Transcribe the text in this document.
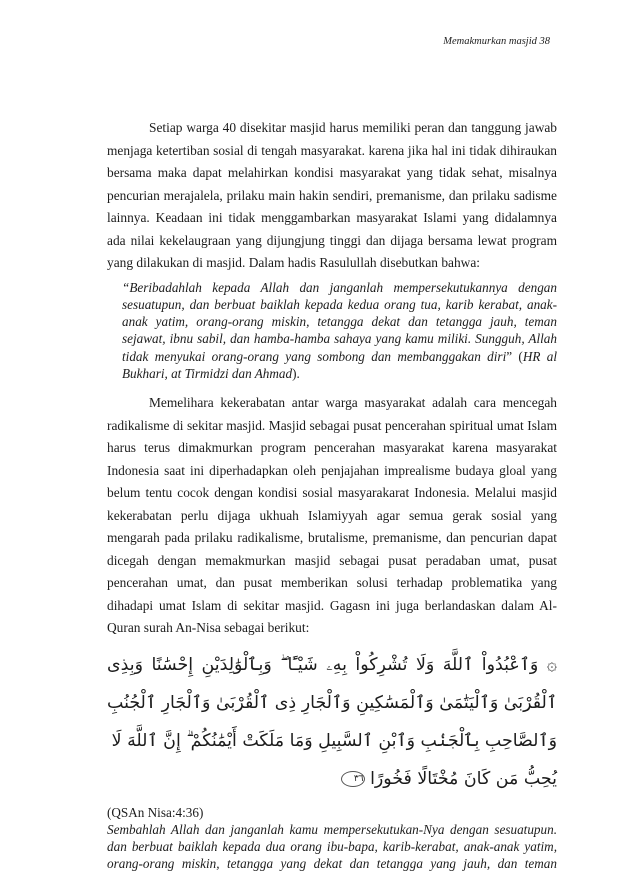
Memakmurkan masjid 38

Setiap warga 40 disekitar masjid harus memiliki peran dan tanggung jawab menjaga ketertiban sosial di tengah masyarakat. karena jika hal ini tidak dihiraukan bersama maka dapat melahirkan kondisi masyarakat yang tidak sehat, misalnya pencurian merajalela, prilaku main hakin sendiri, premanisme, dan prilaku sadisme lainnya. Keadaan ini tidak menggambarkan masyarakat Islami yang didalamnya ada nilai kekelaugraan yang dijungjung tinggi dan dijaga bersama lewat program yang dilakukan di masjid. Dalam hadis Rasulullah disebutkan bahwa:

“Beribadahlah kepada Allah dan janganlah mempersekutukannya dengan sesuatupun, dan berbuat baiklah kepada kedua orang tua, karib kerabat, anak-anak yatim, orang-orang miskin, tetangga dekat dan tetangga jauh, teman sejawat, ibnu sabil, dan hamba-hamba sahaya yang kamu miliki. Sungguh, Allah tidak menyukai orang-orang yang sombong dan membanggakan diri” (HR al Bukhari, at Tirmidzi dan Ahmad).

Memelihara kekerabatan antar warga masyarakat adalah cara mencegah radikalisme di sekitar masjid. Masjid sebagai pusat pencerahan spiritual umat Islam harus terus dimakmurkan program pencerahan masyarakat karena masyarakat Indonesia saat ini diperhadapkan oleh penjajahan imprealisme budaya gloal yang belum tentu cocok dengan kondisi sosial masyarakarat Indonesia. Melalui masjid kekerabatan perlu dijaga ukhuah Islamiyyah agar semua gerak sosial yang mengarah pada prilaku radikalisme, brutalisme, premanisme, dan pencurian dapat dicegah dengan memakmurkan masjid sebagai pusat peradaban umat, pusat pencerahan umat, dan pusat memberikan solusi terhadap problematika yang dihadapi umat Islam di sekitar masjid. Gagasn ini juga berlandaskan dalam Al-Quran surah An-Nisa sebagai berikut:

۞ وَٱعْبُدُواْ ٱللَّهَ وَلَا تُشْرِكُواْ بِهِۦ شَيْـًٔا ۖ وَبِٱلْوَٰلِدَيْنِ إِحْسَٰنًا وَبِذِى ٱلْقُرْبَىٰ وَٱلْيَتَٰمَىٰ وَٱلْمَسَٰكِينِ وَٱلْجَارِ ذِى ٱلْقُرْبَىٰ وَٱلْجَارِ ٱلْجُنُبِ وَٱلصَّاحِبِ بِٱلْجَنۢبِ وَٱبْنِ ٱلسَّبِيلِ وَمَا مَلَكَتْ أَيْمَٰنُكُمْ ۗ إِنَّ ٱللَّهَ لَا
يُحِبُّ مَن كَانَ مُخْتَالًا فَخُورًا ٣٦
(QSAn Nisa:4:36)

Sembahlah Allah dan janganlah kamu mempersekutukan-Nya dengan sesuatupun. dan berbuat baiklah kepada dua orang ibu-bapa, karib-kerabat, anak-anak yatim, orang-orang miskin, tetangga yang dekat dan tetangga yang jauh, dan teman
